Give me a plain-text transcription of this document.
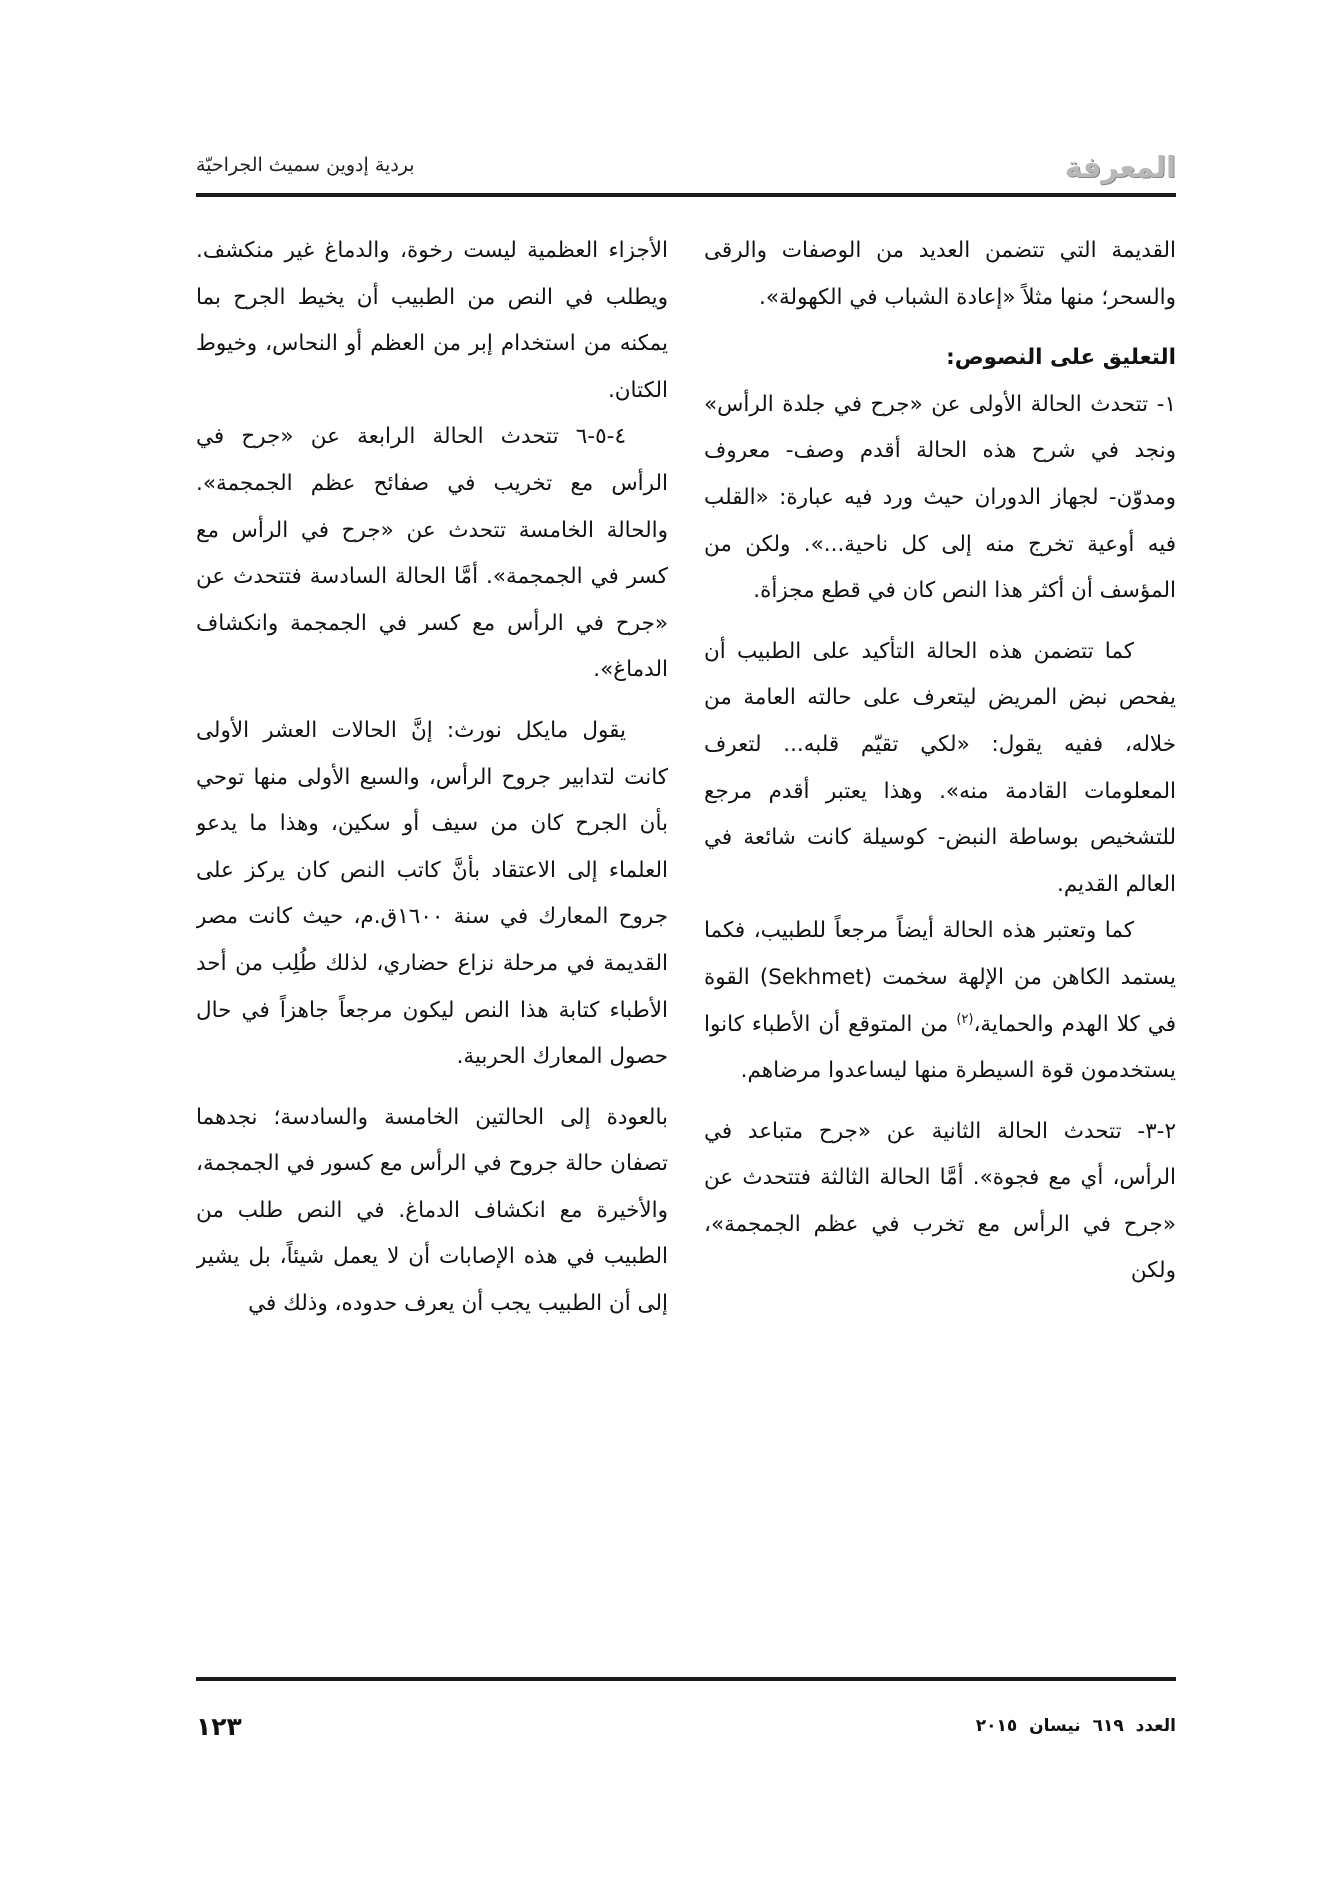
المعرفة
بردية إدوين سميث الجراحيّة

القديمة التي تتضمن العديد من الوصفات والرقى والسحر؛ منها مثلاً «إعادة الشباب في الكهولة».

التعليق على النصوص:

١- تتحدث الحالة الأولى عن «جرح في جلدة الرأس» ونجد في شرح هذه الحالة أقدم وصف- معروف ومدوّن- لجهاز الدوران حيث ورد فيه عبارة: «القلب فيه أوعية تخرج منه إلى كل ناحية...». ولكن من المؤسف أن أكثر هذا النص كان في قطع مجزأة.

كما تتضمن هذه الحالة التأكيد على الطبيب أن يفحص نبض المريض ليتعرف على حالته العامة من خلاله، ففيه يقول: «لكي تقيّم قلبه... لتعرف المعلومات القادمة منه». وهذا يعتبر أقدم مرجع للتشخيص بوساطة النبض- كوسيلة كانت شائعة في العالم القديم.

كما وتعتبر هذه الحالة أيضاً مرجعاً للطبيب، فكما يستمد الكاهن من الإلهة سخمت (Sekhmet) القوة في كلا الهدم والحماية،$^{(٢)}$ من المتوقع أن الأطباء كانوا يستخدمون قوة السيطرة منها ليساعدوا مرضاهم.

٢-٣- تتحدث الحالة الثانية عن «جرح متباعد في الرأس، أي مع فجوة». أمَّا الحالة الثالثة فتتحدث عن «جرح في الرأس مع تخرب في عظم الجمجمة»، ولكن

الأجزاء العظمية ليست رخوة، والدماغ غير منكشف. ويطلب في النص من الطبيب أن يخيط الجرح بما يمكنه من استخدام إبر من العظم أو النحاس، وخيوط الكتان.

٤-٥-٦ تتحدث الحالة الرابعة عن «جرح في الرأس مع تخريب في صفائح عظم الجمجمة». والحالة الخامسة تتحدث عن «جرح في الرأس مع كسر في الجمجمة». أمَّا الحالة السادسة فتتحدث عن «جرح في الرأس مع كسر في الجمجمة وانكشاف الدماغ».

يقول مايكل نورث: إنَّ الحالات العشر الأولى كانت لتدابير جروح الرأس، والسبع الأولى منها توحي بأن الجرح كان من سيف أو سكين، وهذا ما يدعو العلماء إلى الاعتقاد بأنَّ كاتب النص كان يركز على جروح المعارك في سنة ١٦٠٠ق.م، حيث كانت مصر القديمة في مرحلة نزاع حضاري، لذلك طُلِب من أحد الأطباء كتابة هذا النص ليكون مرجعاً جاهزاً في حال حصول المعارك الحربية.

بالعودة إلى الحالتين الخامسة والسادسة؛ نجدهما تصفان حالة جروح في الرأس مع كسور في الجمجمة، والأخيرة مع انكشاف الدماغ. في النص طلب من الطبيب في هذه الإصابات أن لا يعمل شيئاً، بل يشير إلى أن الطبيب يجب أن يعرف حدوده، وذلك في

العدد ٦١٩ نيسان ٢٠١٥
١٢٣
